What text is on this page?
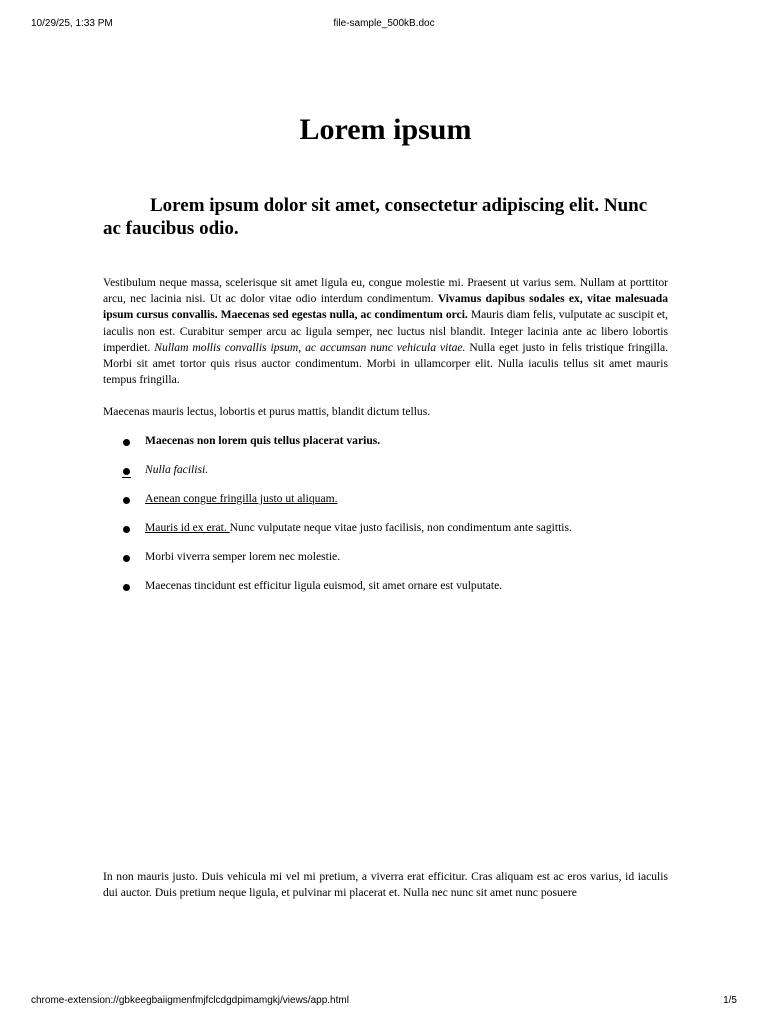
10/29/25, 1:33 PM	file-sample_500kB.doc
Lorem ipsum
Lorem ipsum dolor sit amet, consectetur adipiscing elit. Nunc ac faucibus odio.

Vestibulum neque massa, scelerisque sit amet ligula eu, congue molestie mi. Praesent ut varius sem. Nullam at porttitor arcu, nec lacinia nisi. Ut ac dolor vitae odio interdum condimentum. Vivamus dapibus sodales ex, vitae malesuada ipsum cursus convallis. Maecenas sed egestas nulla, ac condimentum orci. Mauris diam felis, vulputate ac suscipit et, iaculis non est. Curabitur semper arcu ac ligula semper, nec luctus nisl blandit. Integer lacinia ante ac libero lobortis imperdiet. Nullam mollis convallis ipsum, ac accumsan nunc vehicula vitae. Nulla eget justo in felis tristique fringilla. Morbi sit amet tortor quis risus auctor condimentum. Morbi in ullamcorper elit. Nulla iaculis tellus sit amet mauris tempus fringilla.

Maecenas mauris lectus, lobortis et purus mattis, blandit dictum tellus.

Maecenas non lorem quis tellus placerat varius.
Nulla facilisi.
Aenean congue fringilla justo ut aliquam.
Mauris id ex erat. Nunc vulputate neque vitae justo facilisis, non condimentum ante sagittis.
Morbi viverra semper lorem nec molestie.
Maecenas tincidunt est efficitur ligula euismod, sit amet ornare est vulputate.

In non mauris justo. Duis vehicula mi vel mi pretium, a viverra erat efficitur. Cras aliquam est ac eros varius, id iaculis dui auctor. Duis pretium neque ligula, et pulvinar mi placerat et. Nulla nec nunc sit amet nunc posuere

chrome-extension://gbkeegbaiigmenfmjfclcdgdpimamgkj/views/app.html	1/5
